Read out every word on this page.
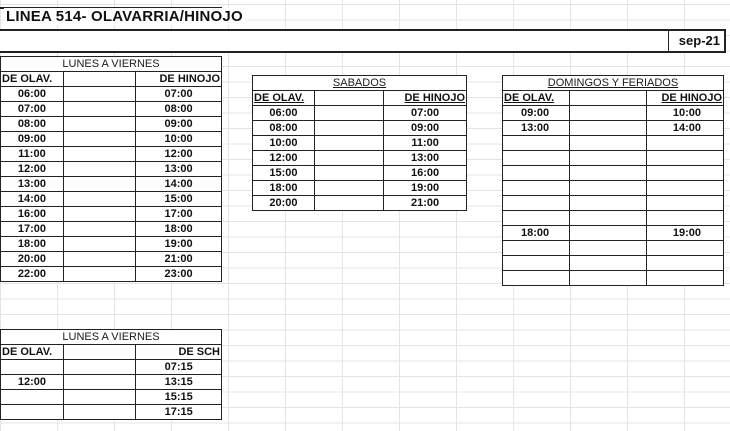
LINEA 514- OLAVARRIA/HINOJO
sep-21
LUNES A VIERNES		
DE OLAV.		DE HINOJO
06:00		07:00
07:00		08:00
08:00		09:00
09:00		10:00
11:00		12:00
12:00		13:00
13:00		14:00
14:00		15:00
16:00		17:00
17:00		18:00
18:00		19:00
20:00		21:00
22:00		23:00
SABADOS		
DE OLAV.		DE HINOJO
06:00		07:00
08:00		09:00
10:00		11:00
12:00		13:00
15:00		16:00
18:00		19:00
20:00		21:00
DOMINGOS Y FERIADOS		
DE OLAV.		DE HINOJO
09:00		10:00
13:00		14:00

18:00		19:00

LUNES A VIERNES		
DE OLAV.		DE SCH
		07:15
12:00		13:15
		15:15
		17:15
